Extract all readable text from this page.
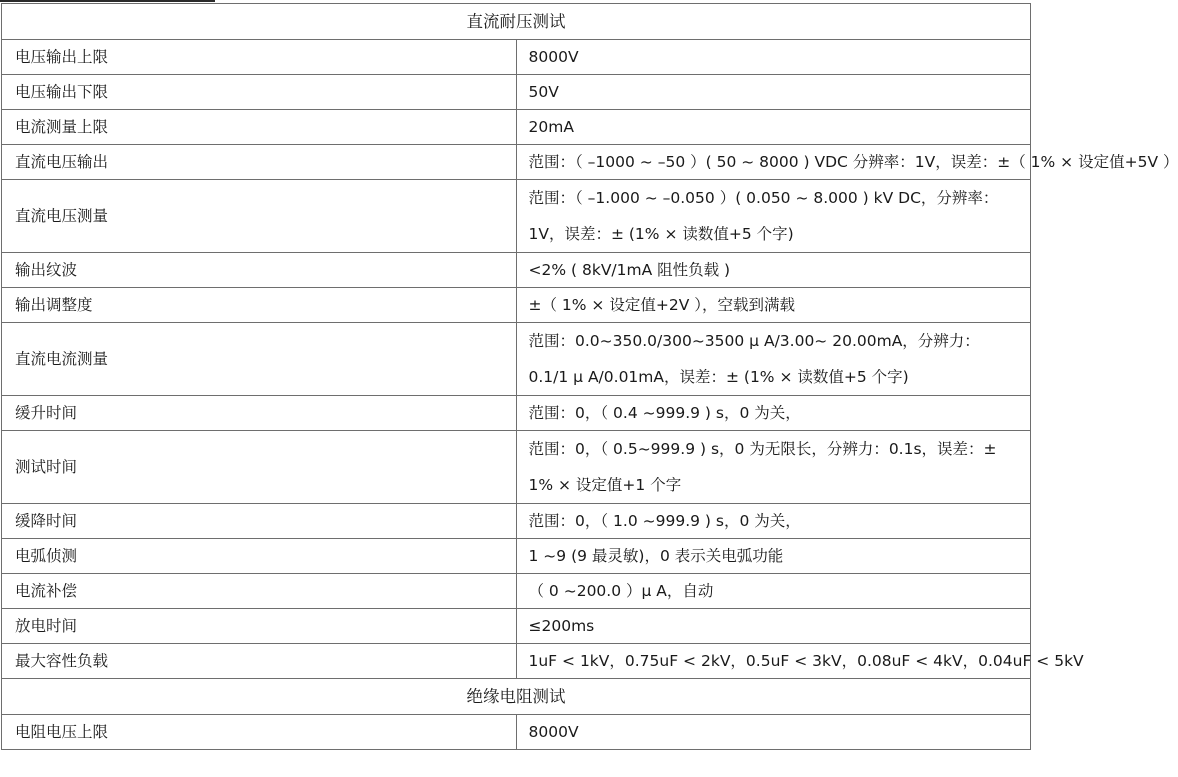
直流耐压测试	
电压输出上限	8000V
电压输出下限	50V
电流测量上限	20mA
直流电压输出	范围：（ –1000 ~ –50 ）( 50 ~ 8000 ) VDC 分辨率：1V，误差：±（ 1% × 设定值+5V ）
直流电压测量	范围：（ –1.000 ~ –0.050 ）( 0.050 ~ 8.000 ) kV DC，分辨率：1V，误差：± (1% × 读数值+5 个字)
输出纹波	<2% ( 8kV/1mA 阻性负载 )
输出调整度	±（ 1% × 设定值+2V ），空载到满载
直流电流测量	范围：0.0~350.0/300~3500 μ A/3.00~ 20.00mA，分辨力：0.1/1 μ A/0.01mA，误差：± (1% × 读数值+5 个字)
缓升时间	范围：0，（ 0.4 ~999.9 ) s，0 为关，
测试时间	范围：0，（ 0.5~999.9 ) s，0 为无限长，分辨力：0.1s，误差：± 1% × 设定值+1 个字
缓降时间	范围：0，（ 1.0 ~999.9 ) s，0 为关，
电弧侦测	1 ~9 (9 最灵敏)，0 表示关电弧功能
电流补偿	（ 0 ~200.0 ）μ A，自动
放电时间	≤200ms
最大容性负载	1uF < 1kV，0.75uF < 2kV，0.5uF < 3kV，0.08uF < 4kV，0.04uF < 5kV
绝缘电阻测试	
电阻电压上限	8000V
